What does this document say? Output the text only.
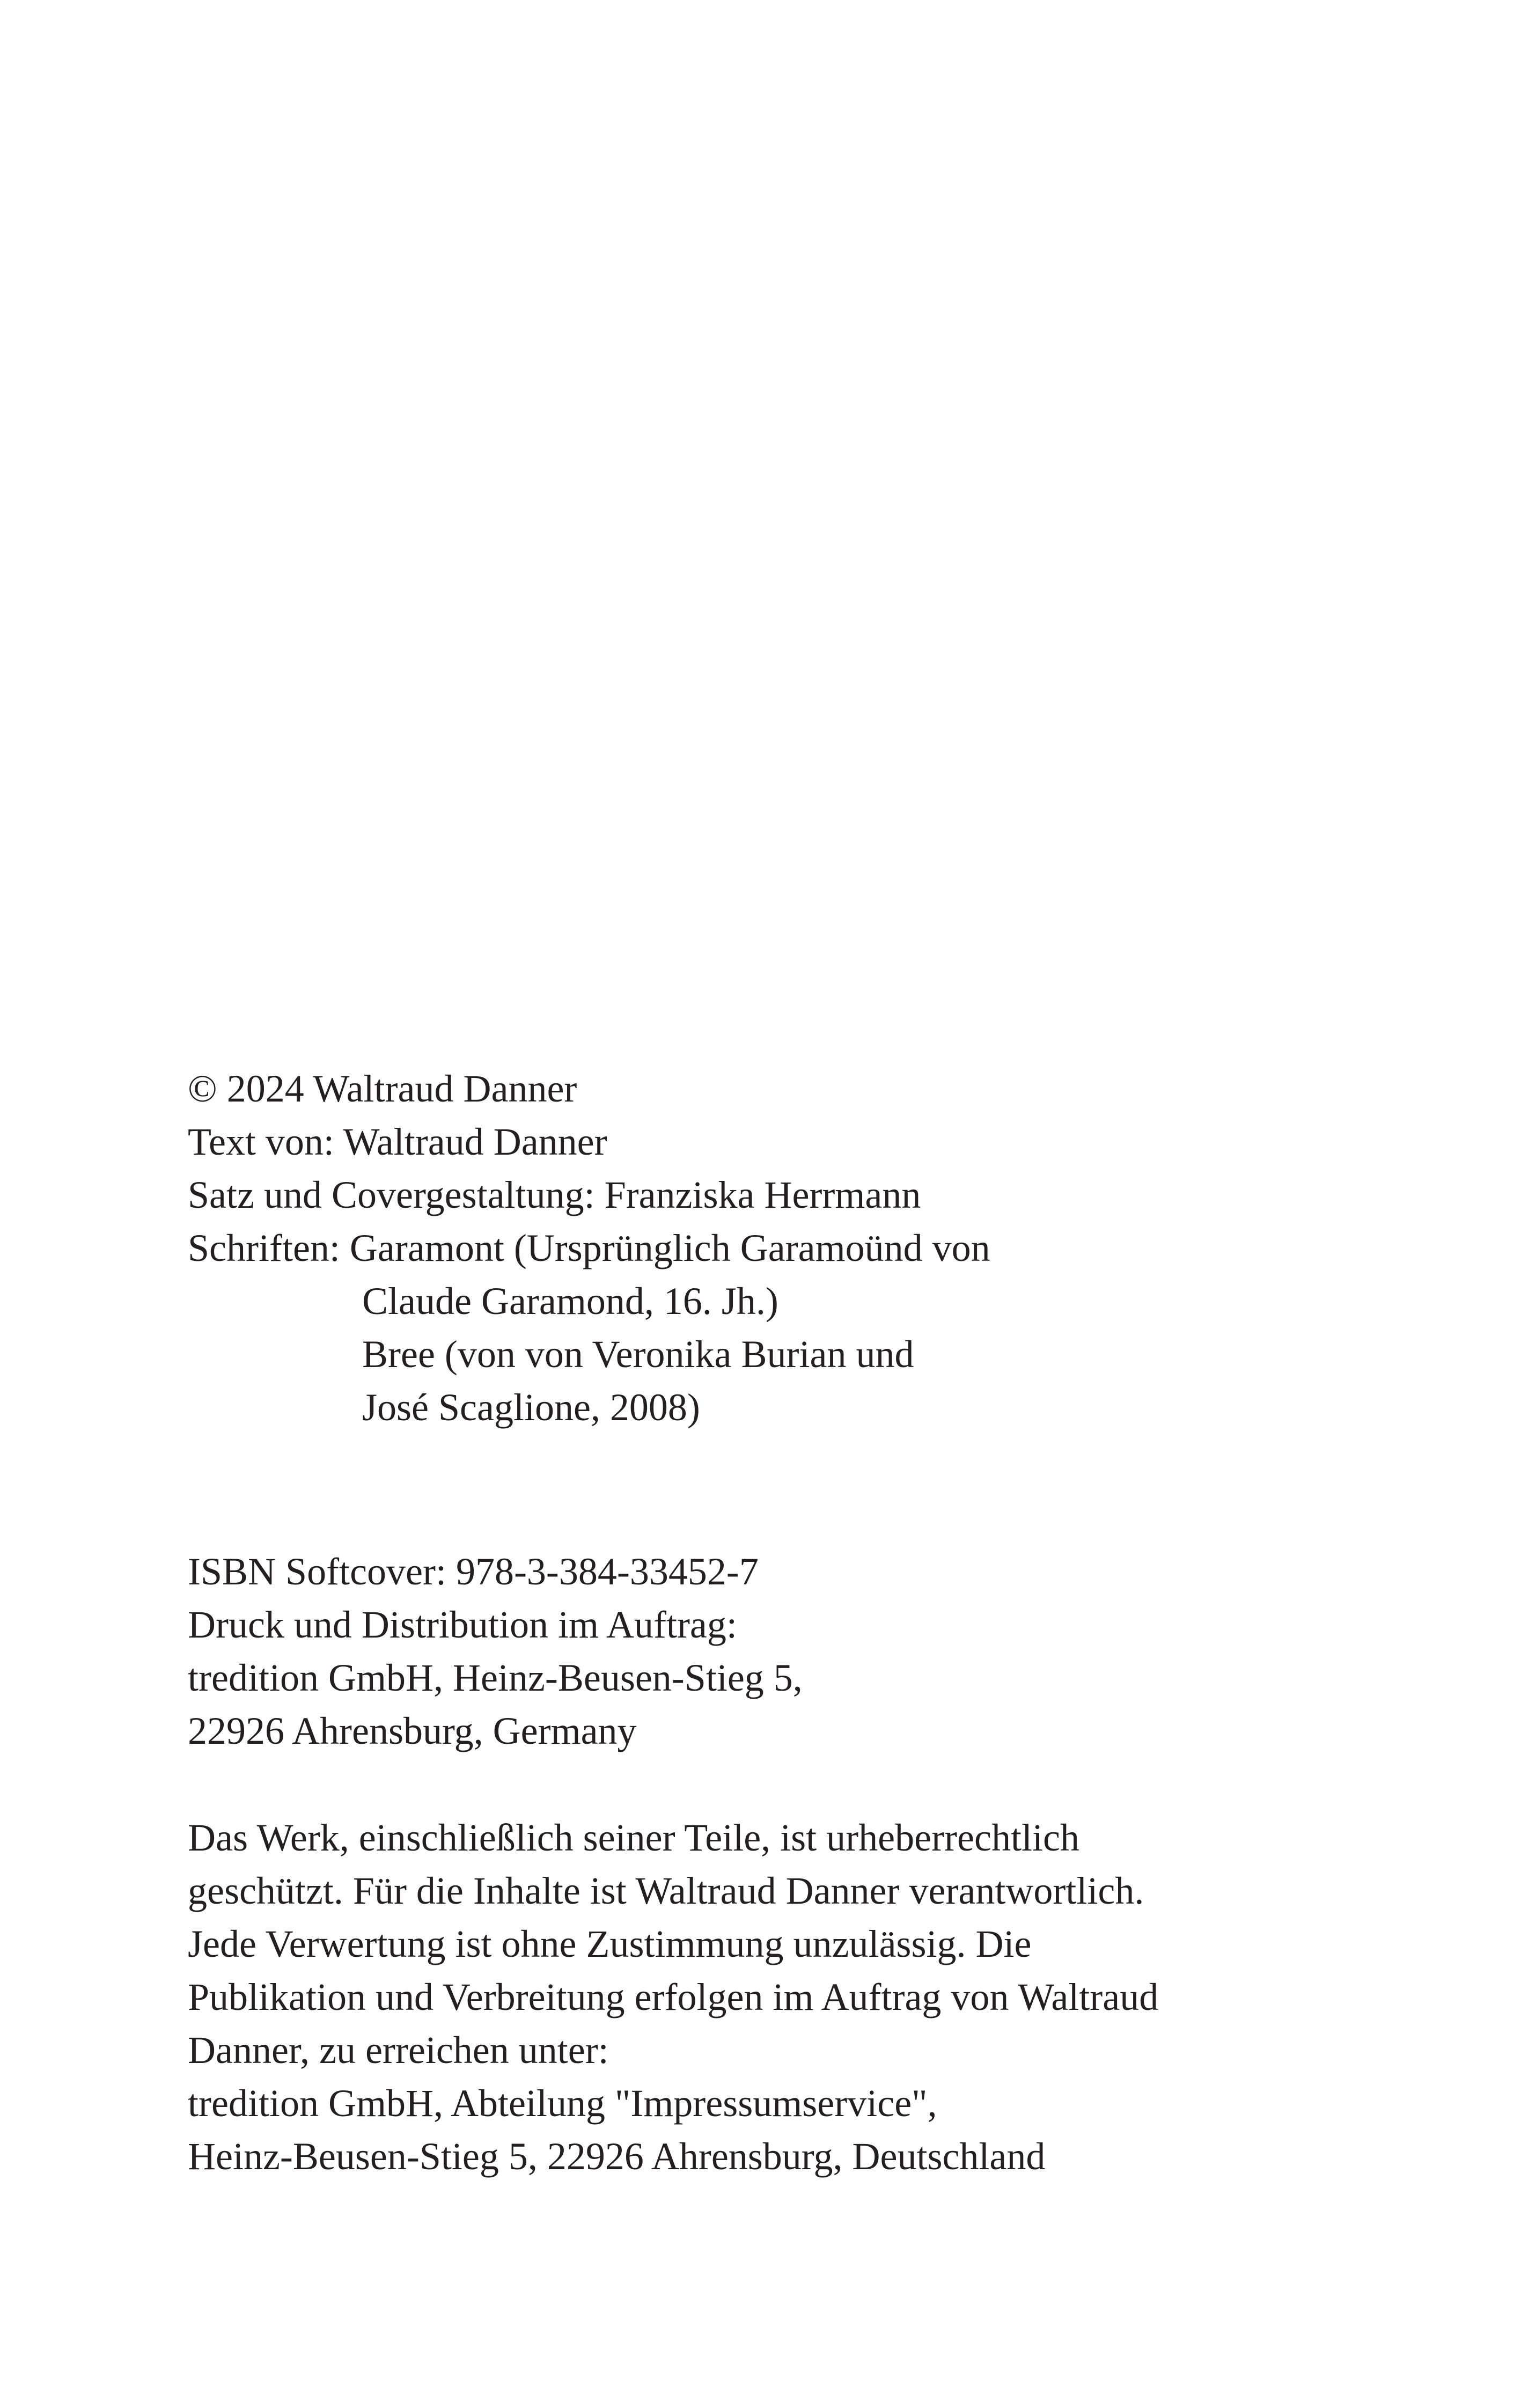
© 2024 Waltraud Danner
Text von: Waltraud Danner
Satz und Covergestaltung: Franziska Herrmann
Schriften: Garamont (Ursprünglich Garamoünd von
Claude Garamond, 16. Jh.)
Bree (von von Veronika Burian und
José Scaglione, 2008)
ISBN Softcover: 978-3-384-33452-7
Druck und Distribution im Auftrag:
tredition GmbH, Heinz-Beusen-Stieg 5,
22926 Ahrensburg, Germany
Das Werk, einschließlich seiner Teile, ist urheberrechtlich
geschützt. Für die Inhalte ist Waltraud Danner verantwortlich.
Jede Verwertung ist ohne Zustimmung unzulässig. Die
Publikation und Verbreitung erfolgen im Auftrag von Waltraud
Danner, zu erreichen unter:
tredition GmbH, Abteilung "Impressumservice",
Heinz-Beusen-Stieg 5, 22926 Ahrensburg, Deutschland
